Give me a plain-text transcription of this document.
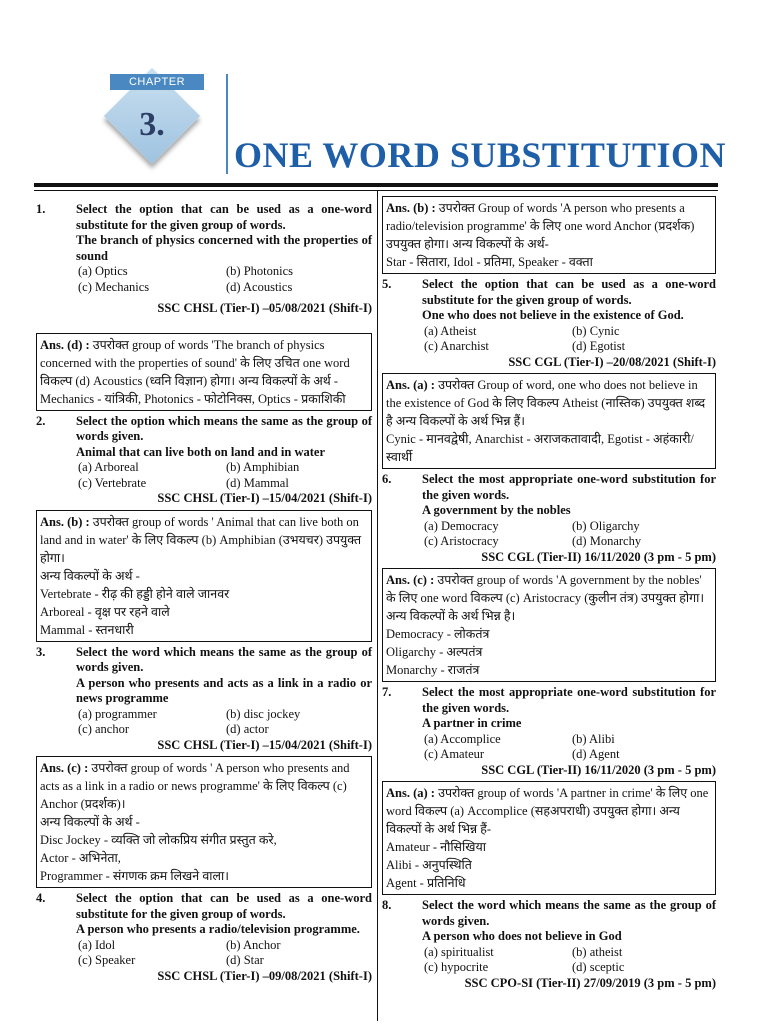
CHAPTER
3.
ONE WORD SUBSTITUTION
1.	Select the option that can be used as a one-word substitute for the given group of words.
The branch of physics concerned with the properties of sound
(a) Optics	(b) Photonics
(c) Mechanics	(d) Acoustics
SSC CHSL (Tier-I) –05/08/2021 (Shift-I)
Ans. (d) : उपरोक्त group of words 'The branch of physics concerned with the properties of sound' के लिए उचित one word विकल्प (d) Acoustics (ध्वनि विज्ञान) होगा। अन्य विकल्पों के अर्थ -
Mechanics - यांत्रिकी, Photonics - फोटोनिक्स, Optics - प्रकाशिकी
2.	Select the option which means the same as the group of words given.
Animal that can live both on land and in water
(a) Arboreal	(b) Amphibian
(c) Vertebrate	(d) Mammal
SSC CHSL (Tier-I) –15/04/2021 (Shift-I)
Ans. (b) : उपरोक्त group of words ' Animal that can live both on land and in water' के लिए विकल्प (b) Amphibian (उभयचर) उपयुक्त होगा।
अन्य विकल्पों के अर्थ -
Vertebrate - रीढ़ की हड्डी होने वाले जानवर
Arboreal - वृक्ष पर रहने वाले
Mammal - स्तनधारी
3.	Select the word which means the same as the group of words given.
A person who presents and acts as a link in a radio or news programme
(a) programmer	(b) disc jockey
(c) anchor	(d) actor
SSC CHSL (Tier-I) –15/04/2021 (Shift-I)
Ans. (c) : उपरोक्त group of words ' A person who presents and acts as a link in a radio or news programme' के लिए विकल्प (c) Anchor (प्रदर्शक)।
अन्य विकल्पों के अर्थ -
Disc Jockey - व्यक्ति जो लोकप्रिय संगीत प्रस्तुत करे,
Actor - अभिनेता,
Programmer - संगणक क्रम लिखने वाला।
4.	Select the option that can be used as a one-word substitute for the given group of words.
A person who presents a radio/television programme.
(a) Idol	(b) Anchor
(c) Speaker	(d) Star
SSC CHSL (Tier-I) –09/08/2021 (Shift-I)
Ans. (b) : उपरोक्त Group of words 'A person who presents a radio/television programme' के लिए one word Anchor (प्रदर्शक) उपयुक्त होगा। अन्य विकल्पों के अर्थ-
Star - सितारा, Idol - प्रतिमा, Speaker - वक्ता
5.	Select the option that can be used as a one-word substitute for the given group of words.
One who does not believe in the existence of God.
(a) Atheist	(b) Cynic
(c) Anarchist	(d) Egotist
SSC CGL (Tier-I) –20/08/2021 (Shift-I)
Ans. (a) : उपरोक्त Group of word, one who does not believe in the existence of God के लिए विकल्प Atheist (नास्तिक) उपयुक्त शब्द है अन्य विकल्पों के अर्थ भिन्न हैं।
Cynic - मानवद्वेषी, Anarchist - अराजकतावादी, Egotist - अहंकारी/स्वार्थी
6.	Select the most appropriate one-word substitution for the given words.
A government by the nobles
(a) Democracy	(b) Oligarchy
(c) Aristocracy	(d) Monarchy
SSC CGL (Tier-II) 16/11/2020 (3 pm - 5 pm)
Ans. (c) : उपरोक्त group of words 'A government by the nobles' के लिए one word विकल्प (c) Aristocracy (कुलीन तंत्र) उपयुक्त होगा। अन्य विकल्पों के अर्थ भिन्न है।
Democracy - लोकतंत्र
Oligarchy - अल्पतंत्र
Monarchy - राजतंत्र
7.	Select the most appropriate one-word substitution for the given words.
A partner in crime
(a) Accomplice	(b) Alibi
(c) Amateur	(d) Agent
SSC CGL (Tier-II) 16/11/2020 (3 pm - 5 pm)
Ans. (a) : उपरोक्त group of words 'A partner in crime' के लिए one word विकल्प (a) Accomplice (सहअपराधी) उपयुक्त होगा। अन्य विकल्पों के अर्थ भिन्न हैं-
Amateur - नौसिखिया
Alibi - अनुपस्थिति
Agent - प्रतिनिधि
8.	Select the word which means the same as the group of words given.
A person who does not believe in God
(a) spiritualist	(b) atheist
(c) hypocrite	(d) sceptic
SSC CPO-SI (Tier-II) 27/09/2019 (3 pm - 5 pm)
